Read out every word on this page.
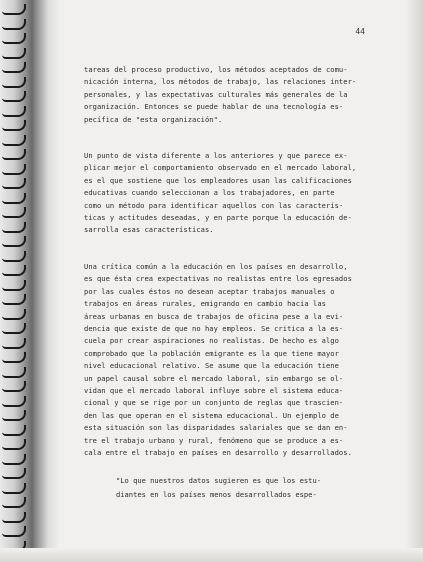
44
tareas del proceso productivo, los métodos aceptados de comu-
nicación interna, los métodos de trabajo, las relaciones inter-
personales, y las expectativas culturales más generales de la
organización. Entonces se puede hablar de una tecnología es-
pecífica de "esta organización".
Un punto de vista diferente a los anteriores y que parece ex-
plicar mejor el comportamiento observado en el mercado laboral,
es el que sostiene que los empleadores usan las calificaciones
educativas cuando seleccionan a los trabajadores, en parte
como un método para identificar aquellos con las caracterís-
ticas y actitudes deseadas, y en parte porque la educación de-
sarrolla esas características.
Una crítica común a la educación en los países en desarrollo,
es que ésta crea expectativas no realistas entre los egresados
por las cuales éstos no desean aceptar trabajos manuales o
trabajos en áreas rurales, emigrando en cambio hacia las
áreas urbanas en busca de trabajos de oficina pese a la evi-
dencia que existe de que no hay empleos. Se critica a la es-
cuela por crear aspiraciones no realistas. De hecho es algo
comprobado que la población emigrante es la que tiene mayor
nivel educacional relativo. Se asume que la educación tiene
un papel causal sobre el mercado laboral, sin embargo se ol-
vidan que el mercado laboral influye sobre el sistema educa-
cional y que se rige por un conjunto de reglas que trascien-
den las que operan en el sistema educacional. Un ejemplo de
esta situación son las disparidades salariales que se dan en-
tre el trabajo urbano y rural, fenómeno que se produce a es-
cala entre el trabajo en países en desarrollo y desarrollados.
"Lo que nuestros datos sugieren es que los estu-
diantes en los países menos desarrollados espe-
